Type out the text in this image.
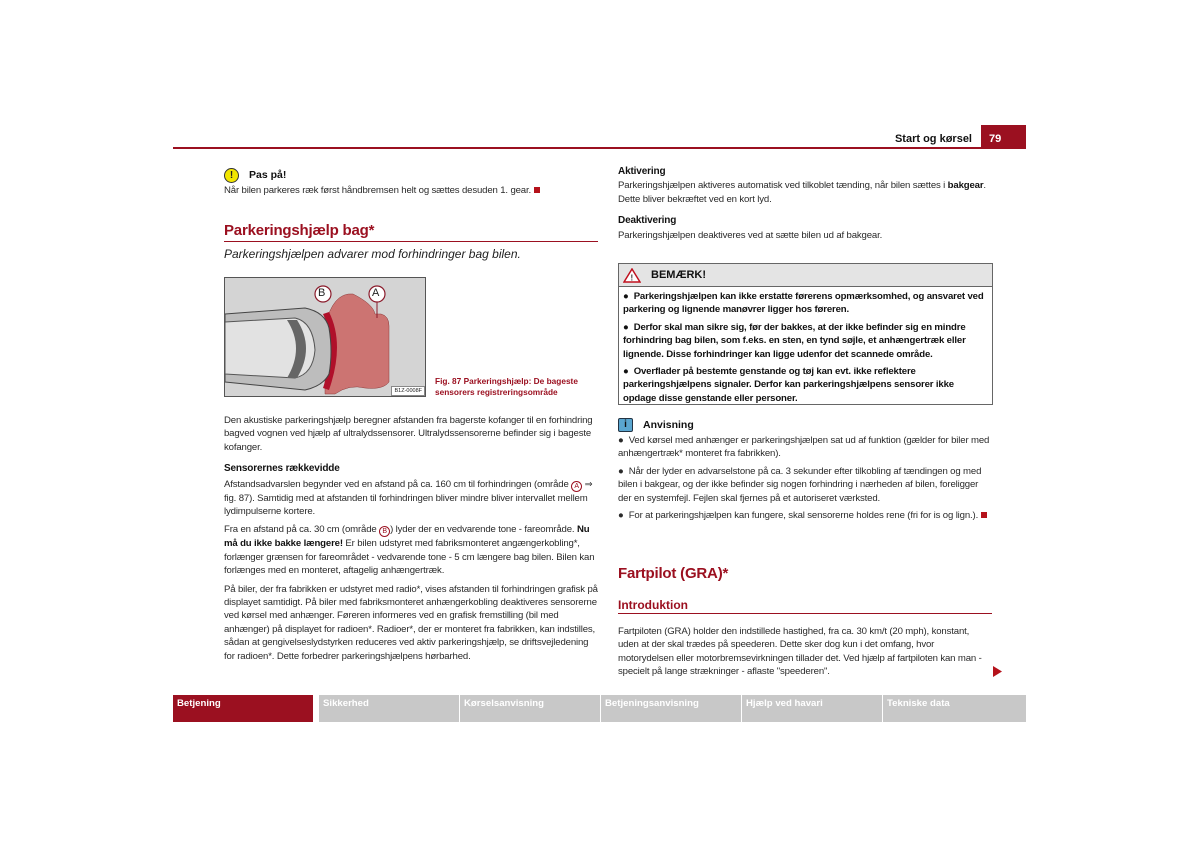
Start og kørsel	79
!	Pas på!
Når bilen parkeres ræk først håndbremsen helt og sættes desuden 1. gear.
Parkeringshjælp bag*
Parkeringshjælpen advarer mod forhindringer bag bilen.
B	A
B1Z-0008F
Fig. 87 Parkeringshjælp: De bageste sensorers registreringsområde

Den akustiske parkeringshjælp beregner afstanden fra bagerste kofanger til en forhindring bagved vognen ved hjælp af ultralydssensorer. Ultralydssensorerne befinder sig i bageste kofanger.

Sensorernes rækkevidde

Afstandsadvarslen begynder ved en afstand på ca. 160 cm til forhindringen (område A ⇒ fig. 87). Samtidig med at afstanden til forhindringen bliver mindre bliver intervallet mellem lydimpulserne kortere.

Fra en afstand på ca. 30 cm (område B ) lyder der en vedvarende tone - fareområde. Nu må du ikke bakke længere! Er bilen udstyret med fabriksmonteret angængerkobling*, forlænger grænsen for fareområdet - vedvarende tone - 5 cm længere bag bilen. Bilen kan forlænges med en monteret, aftagelig anhængertræk.

På biler, der fra fabrikken er udstyret med radio*, vises afstanden til forhindringen grafisk på displayet samtidigt. På biler med fabriksmonteret anhængerkobling deaktiveres sensorerne ved kørsel med anhænger. Føreren informeres ved en grafisk fremstilling (bil med anhænger) på displayet for radioen*. Radioer*, der er monteret fra fabrikken, kan indstilles, sådan at gengivelseslydstyrken reduceres ved aktiv parkeringshjælp, se driftsvejledening for radioen*. Dette forbedrer parkeringshjælpens hørbarhed.

Aktivering

Parkeringshjælpen aktiveres automatisk ved tilkoblet tænding, når bilen sættes i bakgear. Dette bliver bekræftet ved en kort lyd.

Deaktivering

Parkeringshjælpen deaktiveres ved at sætte bilen ud af bakgear.

! BEMÆRK!
●  Parkeringshjælpen kan ikke erstatte førerens opmærksomhed, og ansvaret ved parkering og lignende manøvrer ligger hos føreren.
●  Derfor skal man sikre sig, før der bakkes, at der ikke befinder sig en mindre forhindring bag bilen, som f.eks. en sten, en tynd søjle, et anhængertræk eller lignende. Disse forhindringer kan ligge udenfor det scannede område.
●  Overflader på bestemte genstande og tøj kan evt. ikke reflektere parkeringshjælpens signaler. Derfor kan parkeringshjælpens sensorer ikke opdage disse genstande eller personer.
i	Anvisning
●  Ved kørsel med anhænger er parkeringshjælpen sat ud af funktion (gælder for biler med anhængertræk* monteret fra fabrikken).
●  Når der lyder en advarselstone på ca. 3 sekunder efter tilkobling af tændingen og med bilen i bakgear, og der ikke befinder sig nogen forhindring i nærheden af bilen, foreligger der en systemfejl. Fejlen skal fjernes på et autoriseret værksted.
●  For at parkeringshjælpen kan fungere, skal sensorerne holdes rene (fri for is og lign.).
Fartpilot (GRA)*
Introduktion
Fartpiloten (GRA) holder den indstillede hastighed, fra ca. 30 km/t (20 mph), konstant, uden at der skal trædes på speederen. Dette sker dog kun i det omfang, hvor motorydelsen eller motorbremsevirkningen tillader det. Ved hjælp af fartpiloten kan man - specielt på lange strækninger - aflaste "speederen".
Betjening	Sikkerhed	Kørselsanvisning	Betjeningsanvisning	Hjælp ved havari	Tekniske data
